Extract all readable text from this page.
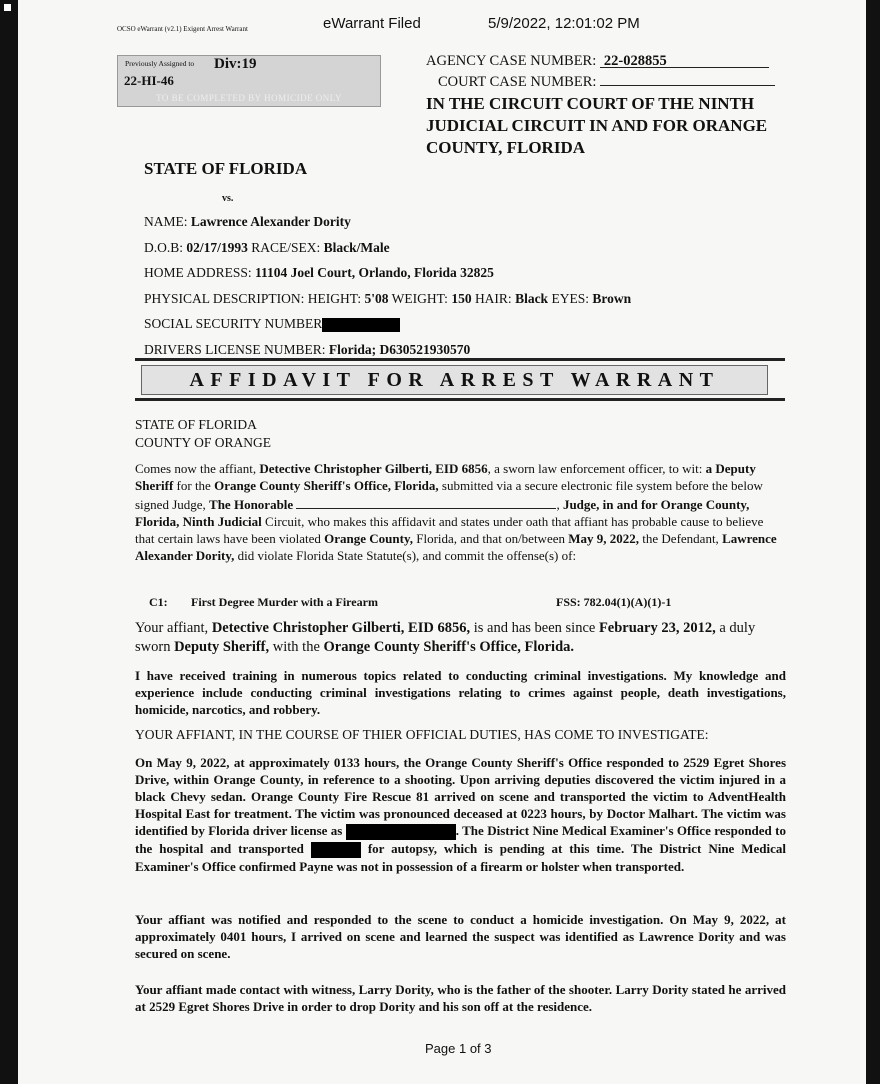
OCSO eWarrant (v2.1) Exigent Arrest Warrant	eWarrant Filed	5/9/2022, 12:01:02 PM
Previously Assigned to Div:19
22-HI-46
TO BE COMPLETED BY HOMICIDE ONLY
AGENCY CASE NUMBER: 22-028855
COURT CASE NUMBER:
IN THE CIRCUIT COURT OF THE NINTH JUDICIAL CIRCUIT IN AND FOR ORANGE COUNTY, FLORIDA
STATE OF FLORIDA
vs.
NAME: Lawrence Alexander Dority
D.O.B: 02/17/1993 RACE/SEX: Black/Male
HOME ADDRESS: 11104 Joel Court, Orlando, Florida 32825
PHYSICAL DESCRIPTION: HEIGHT: 5'08 WEIGHT: 150 HAIR: Black EYES: Brown
SOCIAL SECURITY NUMBER
DRIVERS LICENSE NUMBER: Florida; D630521930570
AFFIDAVIT FOR ARREST WARRANT
STATE OF FLORIDA
COUNTY OF ORANGE
Comes now the affiant, Detective Christopher Gilberti, EID 6856, a sworn law enforcement officer, to wit: a Deputy Sheriff for the Orange County Sheriff's Office, Florida, submitted via a secure electronic file system before the below signed Judge, The Honorable	, Judge, in and for Orange County, Florida, Ninth Judicial Circuit, who makes this affidavit and states under oath that affiant has probable cause to believe that certain laws have been violated Orange County, Florida, and that on/between May 9, 2022, the Defendant, Lawrence Alexander Dority, did violate Florida State Statute(s), and commit the offense(s) of:
C1: First Degree Murder with a Firearm	FSS: 782.04(1)(A)(1)-1
Your affiant, Detective Christopher Gilberti, EID 6856, is and has been since February 23, 2012, a duly sworn Deputy Sheriff, with the Orange County Sheriff's Office, Florida.
I have received training in numerous topics related to conducting criminal investigations. My knowledge and experience include conducting criminal investigations relating to crimes against people, death investigations, homicide, narcotics, and robbery.
YOUR AFFIANT, IN THE COURSE OF THIER OFFICIAL DUTIES, HAS COME TO INVESTIGATE:
On May 9, 2022, at approximately 0133 hours, the Orange County Sheriff's Office responded to 2529 Egret Shores Drive, within Orange County, in reference to a shooting. Upon arriving deputies discovered the victim injured in a black Chevy sedan. Orange County Fire Rescue 81 arrived on scene and transported the victim to AdventHealth Hospital East for treatment. The victim was pronounced deceased at 0223 hours, by Doctor Malhart. The victim was identified by Florida driver license as	. The District Nine Medical Examiner's Office responded to the hospital and transported	for autopsy, which is pending at this time. The District Nine Medical Examiner's Office confirmed Payne was not in possession of a firearm or holster when transported.
Your affiant was notified and responded to the scene to conduct a homicide investigation. On May 9, 2022, at approximately 0401 hours, I arrived on scene and learned the suspect was identified as Lawrence Dority and was secured on scene.
Your affiant made contact with witness, Larry Dority, who is the father of the shooter. Larry Dority stated he arrived at 2529 Egret Shores Drive in order to drop Dority and his son off at the residence.
Page 1 of 3
